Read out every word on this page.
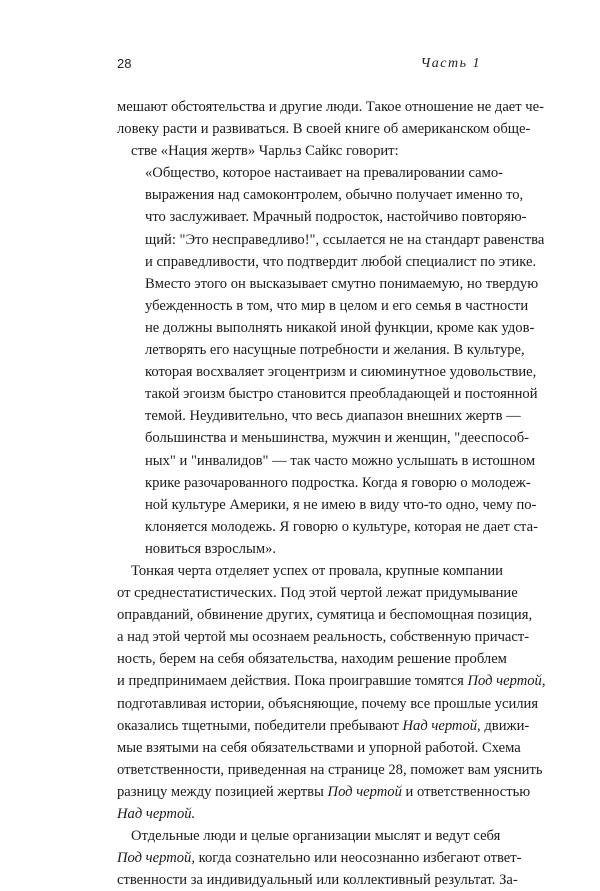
28	Часть 1
мешают обстоятельства и другие люди. Такое отношение не дает че-
ловеку расти и развиваться. В своей книге об американском обще-
стве «Нация жертв» Чарльз Сайкс говорит:
«Общество, которое настаивает на превалировании само-
выражения над самоконтролем, обычно получает именно то,
что заслуживает. Мрачный подросток, настойчиво повторяю-
щий: "Это несправедливо!", ссылается не на стандарт равенства
и справедливости, что подтвердит любой специалист по этике.
Вместо этого он высказывает смутно понимаемую, но твердую
убежденность в том, что мир в целом и его семья в частности
не должны выполнять никакой иной функции, кроме как удов-
летворять его насущные потребности и желания. В культуре,
которая восхваляет эгоцентризм и сиюминутное удовольствие,
такой эгоизм быстро становится преобладающей и постоянной
темой. Неудивительно, что весь диапазон внешних жертв —
большинства и меньшинства, мужчин и женщин, "дееспособ-
ных" и "инвалидов" — так часто можно услышать в истошном
крике разочарованного подростка. Когда я говорю о молодеж-
ной культуре Америки, я не имею в виду что-то одно, чему по-
клоняется молодежь. Я говорю о культуре, которая не дает ста-
новиться взрослым».
Тонкая черта отделяет успех от провала, крупные компании
от среднестатистических. Под этой чертой лежат придумывание
оправданий, обвинение других, сумятица и беспомощная позиция,
а над этой чертой мы осознаем реальность, собственную причаст-
ность, берем на себя обязательства, находим решение проблем
и предпринимаем действия. Пока проигравшие томятся Под чертой,
подготавливая истории, объясняющие, почему все прошлые усилия
оказались тщетными, победители пребывают Над чертой, движи-
мые взятыми на себя обязательствами и упорной работой. Схема
ответственности, приведенная на странице 28, поможет вам уяснить
разницу между позицией жертвы Под чертой и ответственностью
Над чертой.
Отдельные люди и целые организации мыслят и ведут себя
Под чертой, когда сознательно или неосознанно избегают ответ-
ственности за индивидуальный или коллективный результат. За-
